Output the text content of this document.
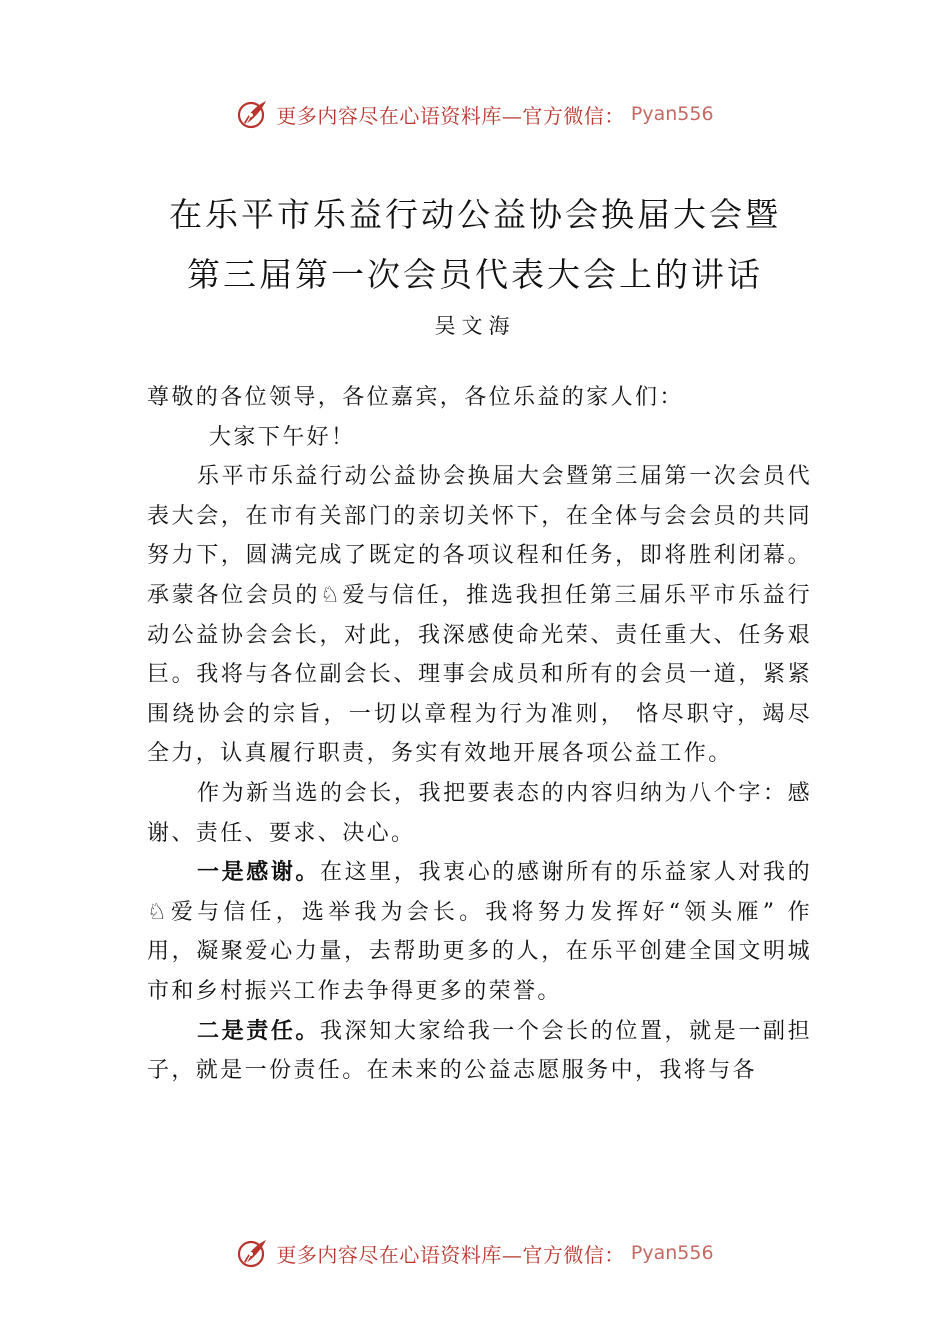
更多内容尽在心语资料库—官方微信： Pyan556
在乐平市乐益行动公益协会换届大会暨
第三届第一次会员代表大会上的讲话
吴文海

尊敬的各位领导，各位嘉宾，各位乐益的家人们：

大家下午好！

乐平市乐益行动公益协会换届大会暨第三届第一次会员代表大会，在市有关部门的亲切关怀下，在全体与会会员的共同努力下，圆满完成了既定的各项议程和任务，即将胜利闭幕。承蒙各位会员的♘爱与信任，推选我担任第三届乐平市乐益行动公益协会会长，对此，我深感使命光荣、责任重大、任务艰巨。我将与各位副会长、理事会成员和所有的会员一道，紧紧围绕协会的宗旨，一切以章程为行为准则， 恪尽职守，竭尽全力，认真履行职责，务实有效地开展各项公益工作。

作为新当选的会长，我把要表态的内容归纳为八个字：感谢、责任、要求、决心。

一是感谢。在这里，我衷心的感谢所有的乐益家人对我的♘爱与信任，选举我为会长。我将努力发挥好“领头雁” 作用，凝聚爱心力量，去帮助更多的人，在乐平创建全国文明城市和乡村振兴工作去争得更多的荣誉。

二是责任。我深知大家给我一个会长的位置，就是一副担子，就是一份责任。在未来的公益志愿服务中，我将与各

更多内容尽在心语资料库—官方微信： Pyan556
